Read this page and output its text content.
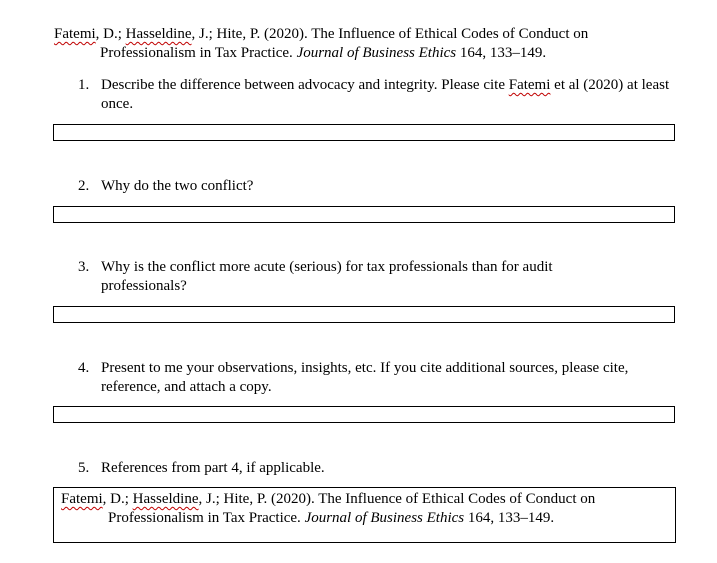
Fatemi, D.; Hasseldine, J.; Hite, P. (2020). The Influence of Ethical Codes of Conduct on
Professionalism in Tax Practice. Journal of Business Ethics 164, 133–149.
1. Describe the difference between advocacy and integrity. Please cite Fatemi et al (2020) at least once.
2. Why do the two conflict?
3. Why is the conflict more acute (serious) for tax professionals than for audit professionals?
4. Present to me your observations, insights, etc. If you cite additional sources, please cite, reference, and attach a copy.
5. References from part 4, if applicable.
Fatemi, D.; Hasseldine, J.; Hite, P. (2020). The Influence of Ethical Codes of Conduct on
Professionalism in Tax Practice. Journal of Business Ethics 164, 133–149.
